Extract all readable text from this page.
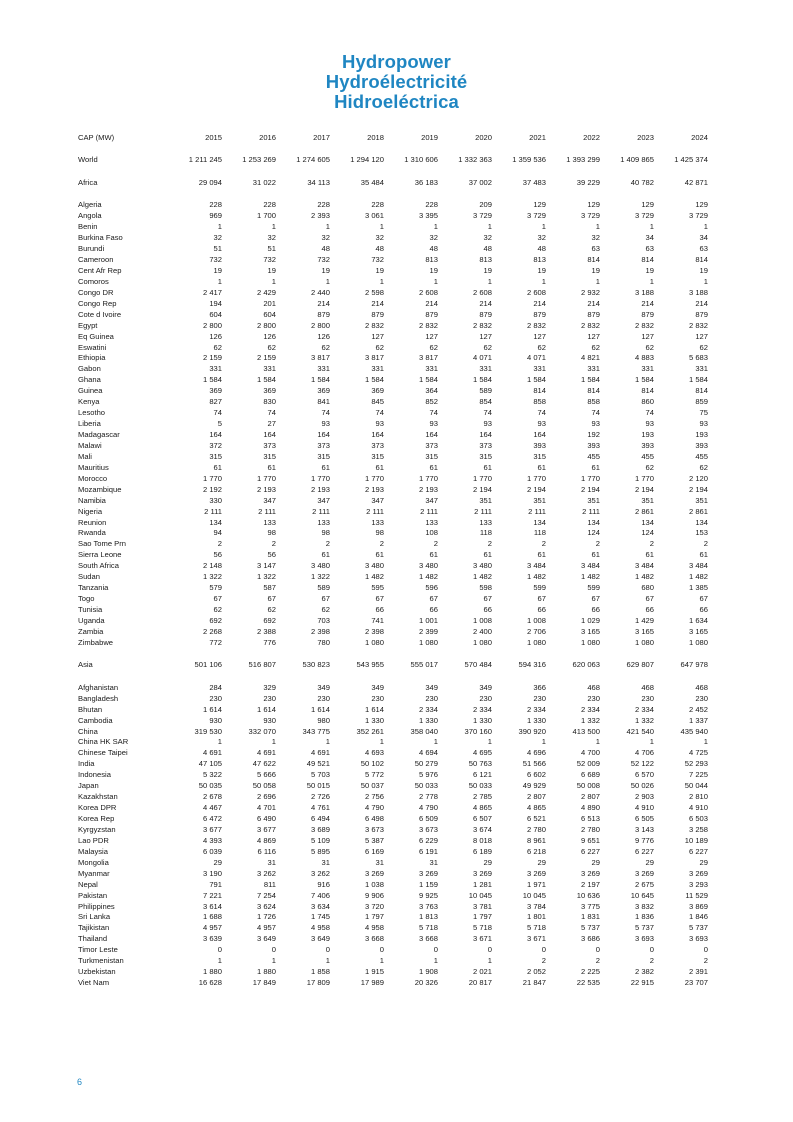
Hydropower
Hydroélectricité
Hidroeléctrica
CAP (MW)	2015	2016	2017	2018	2019	2020	2021	2022	2023	2024

World	1 211 245	1 253 269	1 274 605	1 294 120	1 310 606	1 332 363	1 359 536	1 393 299	1 409 865	1 425 374

Africa	29 094	31 022	34 113	35 484	36 183	37 002	37 483	39 229	40 782	42 871

Algeria	228	228	228	228	228	209	129	129	129	129
Angola	969	1 700	2 393	3 061	3 395	3 729	3 729	3 729	3 729	3 729
Benin	1	1	1	1	1	1	1	1	1	1
Burkina Faso	32	32	32	32	32	32	32	32	34	34
Burundi	51	51	48	48	48	48	48	63	63	63
Cameroon	732	732	732	732	813	813	813	814	814	814
Cent Afr Rep	19	19	19	19	19	19	19	19	19	19
Comoros	1	1	1	1	1	1	1	1	1	1
Congo DR	2 417	2 429	2 440	2 598	2 608	2 608	2 608	2 932	3 188	3 188
Congo Rep	194	201	214	214	214	214	214	214	214	214
Cote d Ivoire	604	604	879	879	879	879	879	879	879	879
Egypt	2 800	2 800	2 800	2 832	2 832	2 832	2 832	2 832	2 832	2 832
Eq Guinea	126	126	126	127	127	127	127	127	127	127
Eswatini	62	62	62	62	62	62	62	62	62	62
Ethiopia	2 159	2 159	3 817	3 817	3 817	4 071	4 071	4 821	4 883	5 683
Gabon	331	331	331	331	331	331	331	331	331	331
Ghana	1 584	1 584	1 584	1 584	1 584	1 584	1 584	1 584	1 584	1 584
Guinea	369	369	369	369	364	589	814	814	814	814
Kenya	827	830	841	845	852	854	858	858	860	859
Lesotho	74	74	74	74	74	74	74	74	74	75
Liberia	5	27	93	93	93	93	93	93	93	93
Madagascar	164	164	164	164	164	164	164	192	193	193
Malawi	372	373	373	373	373	373	393	393	393	393
Mali	315	315	315	315	315	315	315	455	455	455
Mauritius	61	61	61	61	61	61	61	61	62	62
Morocco	1 770	1 770	1 770	1 770	1 770	1 770	1 770	1 770	1 770	2 120
Mozambique	2 192	2 193	2 193	2 193	2 193	2 194	2 194	2 194	2 194	2 194
Namibia	330	347	347	347	347	351	351	351	351	351
Nigeria	2 111	2 111	2 111	2 111	2 111	2 111	2 111	2 111	2 861	2 861
Reunion	134	133	133	133	133	133	134	134	134	134
Rwanda	94	98	98	98	108	118	118	124	124	153
Sao Tome Prn	2	2	2	2	2	2	2	2	2	2
Sierra Leone	56	56	61	61	61	61	61	61	61	61
South Africa	2 148	3 147	3 480	3 480	3 480	3 480	3 484	3 484	3 484	3 484
Sudan	1 322	1 322	1 322	1 482	1 482	1 482	1 482	1 482	1 482	1 482
Tanzania	579	587	589	595	596	598	599	599	680	1 385
Togo	67	67	67	67	67	67	67	67	67	67
Tunisia	62	62	62	66	66	66	66	66	66	66
Uganda	692	692	703	741	1 001	1 008	1 008	1 029	1 429	1 634
Zambia	2 268	2 388	2 398	2 398	2 399	2 400	2 706	3 165	3 165	3 165
Zimbabwe	772	776	780	1 080	1 080	1 080	1 080	1 080	1 080	1 080

Asia	501 106	516 807	530 823	543 955	555 017	570 484	594 316	620 063	629 807	647 978

Afghanistan	284	329	349	349	349	349	366	468	468	468
Bangladesh	230	230	230	230	230	230	230	230	230	230
Bhutan	1 614	1 614	1 614	1 614	2 334	2 334	2 334	2 334	2 334	2 452
Cambodia	930	930	980	1 330	1 330	1 330	1 330	1 332	1 332	1 337
China	319 530	332 070	343 775	352 261	358 040	370 160	390 920	413 500	421 540	435 940
China HK SAR	1	1	1	1	1	1	1	1	1	1
Chinese Taipei	4 691	4 691	4 691	4 693	4 694	4 695	4 696	4 700	4 706	4 725
India	47 105	47 622	49 521	50 102	50 279	50 763	51 566	52 009	52 122	52 293
Indonesia	5 322	5 666	5 703	5 772	5 976	6 121	6 602	6 689	6 570	7 225
Japan	50 035	50 058	50 015	50 037	50 033	50 033	49 929	50 008	50 026	50 044
Kazakhstan	2 678	2 696	2 726	2 756	2 778	2 785	2 807	2 807	2 903	2 810
Korea DPR	4 467	4 701	4 761	4 790	4 790	4 865	4 865	4 890	4 910	4 910
Korea Rep	6 472	6 490	6 494	6 498	6 509	6 507	6 521	6 513	6 505	6 503
Kyrgyzstan	3 677	3 677	3 689	3 673	3 673	3 674	2 780	2 780	3 143	3 258
Lao PDR	4 393	4 869	5 109	5 387	6 229	8 018	8 961	9 651	9 776	10 189
Malaysia	6 039	6 116	5 895	6 169	6 191	6 189	6 218	6 227	6 227	6 227
Mongolia	29	31	31	31	31	29	29	29	29	29
Myanmar	3 190	3 262	3 262	3 269	3 269	3 269	3 269	3 269	3 269	3 269
Nepal	791	811	916	1 038	1 159	1 281	1 971	2 197	2 675	3 293
Pakistan	7 221	7 254	7 406	9 906	9 925	10 045	10 045	10 636	10 645	11 529
Philippines	3 614	3 624	3 634	3 720	3 763	3 781	3 784	3 775	3 832	3 869
Sri Lanka	1 688	1 726	1 745	1 797	1 813	1 797	1 801	1 831	1 836	1 846
Tajikistan	4 957	4 957	4 958	4 958	5 718	5 718	5 718	5 737	5 737	5 737
Thailand	3 639	3 649	3 649	3 668	3 668	3 671	3 671	3 686	3 693	3 693
Timor Leste	0	0	0	0	0	0	0	0	0	0
Turkmenistan	1	1	1	1	1	1	2	2	2	2
Uzbekistan	1 880	1 880	1 858	1 915	1 908	2 021	2 052	2 225	2 382	2 391
Viet Nam	16 628	17 849	17 809	17 989	20 326	20 817	21 847	22 535	22 915	23 707
6
